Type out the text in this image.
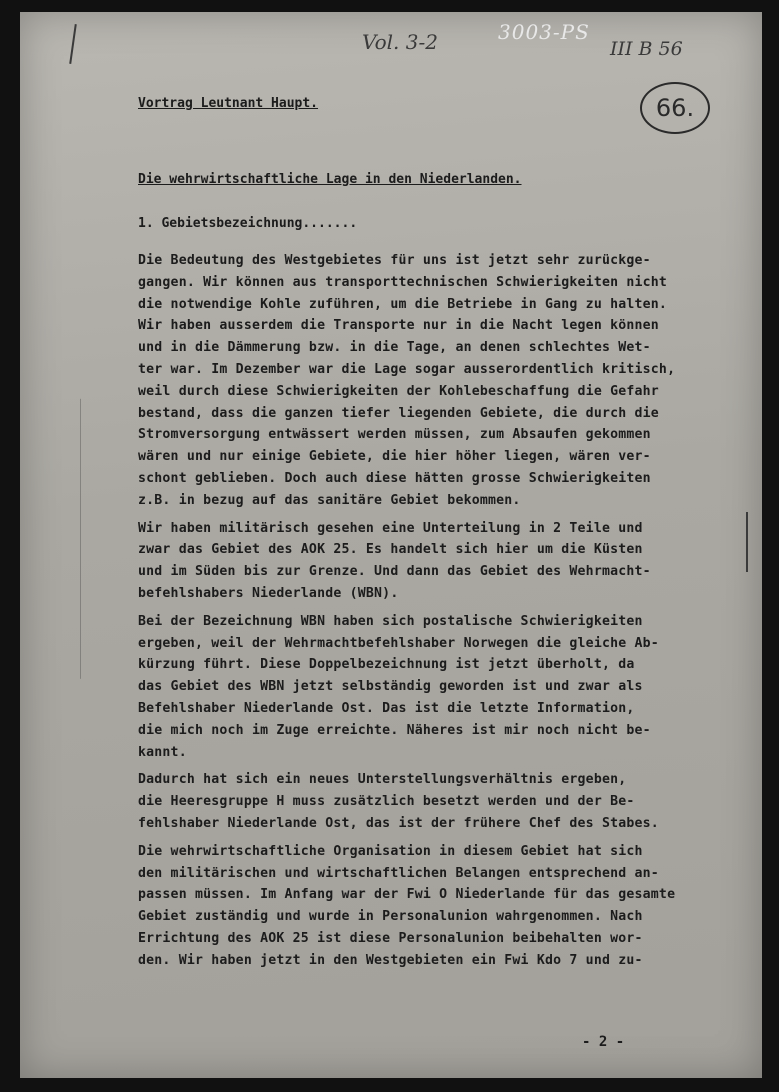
Vol. 3-2	3003-PS
III B 56
66.
Vortrag Leutnant Haupt.
Die wehrwirtschaftliche Lage in den Niederlanden.
1. Gebietsbezeichnung.......

Die Bedeutung des Westgebietes für uns ist jetzt sehr zurückge-
gangen. Wir können aus transporttechnischen Schwierigkeiten nicht
die notwendige Kohle zuführen, um die Betriebe in Gang zu halten.
Wir haben ausserdem die Transporte nur in die Nacht legen können
und in die Dämmerung bzw. in die Tage, an denen schlechtes Wet-
ter war. Im Dezember war die Lage sogar ausserordentlich kritisch,
weil durch diese Schwierigkeiten der Kohlebeschaffung die Gefahr
bestand, dass die ganzen tiefer liegenden Gebiete, die durch die
Stromversorgung entwässert werden müssen, zum Absaufen gekommen
wären und nur einige Gebiete, die hier höher liegen, wären ver-
schont geblieben. Doch auch diese hätten grosse Schwierigkeiten
z.B. in bezug auf das sanitäre Gebiet bekommen.

Wir haben militärisch gesehen eine Unterteilung in 2 Teile und
zwar das Gebiet des AOK 25. Es handelt sich hier um die Küsten
und im Süden bis zur Grenze. Und dann das Gebiet des Wehrmacht-
befehlshabers Niederlande (WBN).

Bei der Bezeichnung WBN haben sich postalische Schwierigkeiten
ergeben, weil der Wehrmachtbefehlshaber Norwegen die gleiche Ab-
kürzung führt. Diese Doppelbezeichnung ist jetzt überholt, da
das Gebiet des WBN jetzt selbständig geworden ist und zwar als
Befehlshaber Niederlande Ost. Das ist die letzte Information,
die mich noch im Zuge erreichte. Näheres ist mir noch nicht be-
kannt.

Dadurch hat sich ein neues Unterstellungsverhältnis ergeben,
die Heeresgruppe H muss zusätzlich besetzt werden und der Be-
fehlshaber Niederlande Ost, das ist der frühere Chef des Stabes.

Die wehrwirtschaftliche Organisation in diesem Gebiet hat sich
den militärischen und wirtschaftlichen Belangen entsprechend an-
passen müssen. Im Anfang war der Fwi O Niederlande für das gesamte
Gebiet zuständig und wurde in Personalunion wahrgenommen. Nach
Errichtung des AOK 25 ist diese Personalunion beibehalten wor-
den. Wir haben jetzt in den Westgebieten ein Fwi Kdo 7 und zu-

- 2 -
